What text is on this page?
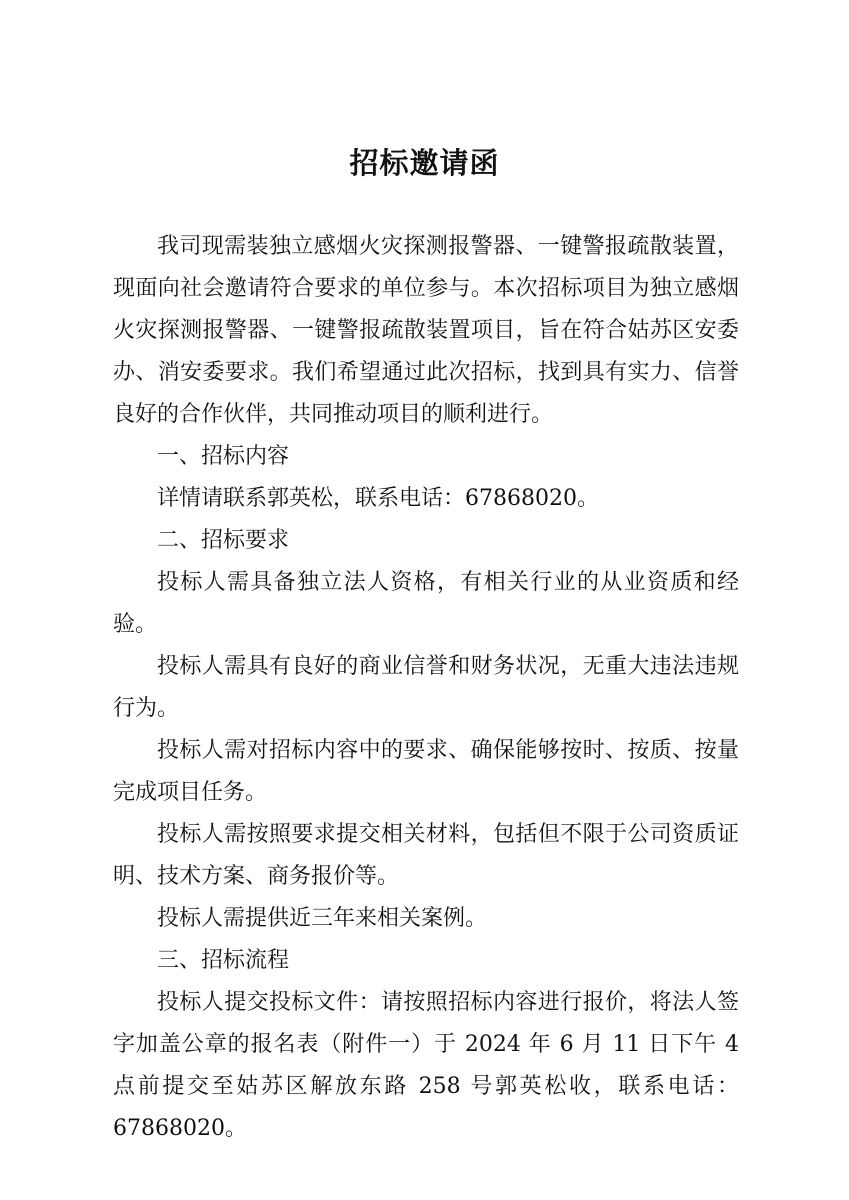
招标邀请函

我司现需装独立感烟火灾探测报警器、一键警报疏散装置，现面向社会邀请符合要求的单位参与。本次招标项目为独立感烟火灾探测报警器、一键警报疏散装置项目，旨在符合姑苏区安委办、消安委要求。我们希望通过此次招标，找到具有实力、信誉良好的合作伙伴，共同推动项目的顺利进行。

一、招标内容

详情请联系郭英松，联系电话：67868020。

二、招标要求

投标人需具备独立法人资格，有相关行业的从业资质和经验。

投标人需具有良好的商业信誉和财务状况，无重大违法违规行为。

投标人需对招标内容中的要求、确保能够按时、按质、按量完成项目任务。

投标人需按照要求提交相关材料，包括但不限于公司资质证明、技术方案、商务报价等。

投标人需提供近三年来相关案例。

三、招标流程

投标人提交投标文件：请按照招标内容进行报价，将法人签字加盖公章的报名表（附件一）于 2024 年 6 月 11 日下午 4 点前提交至姑苏区解放东路 258 号郭英松收，联系电话：67868020。
